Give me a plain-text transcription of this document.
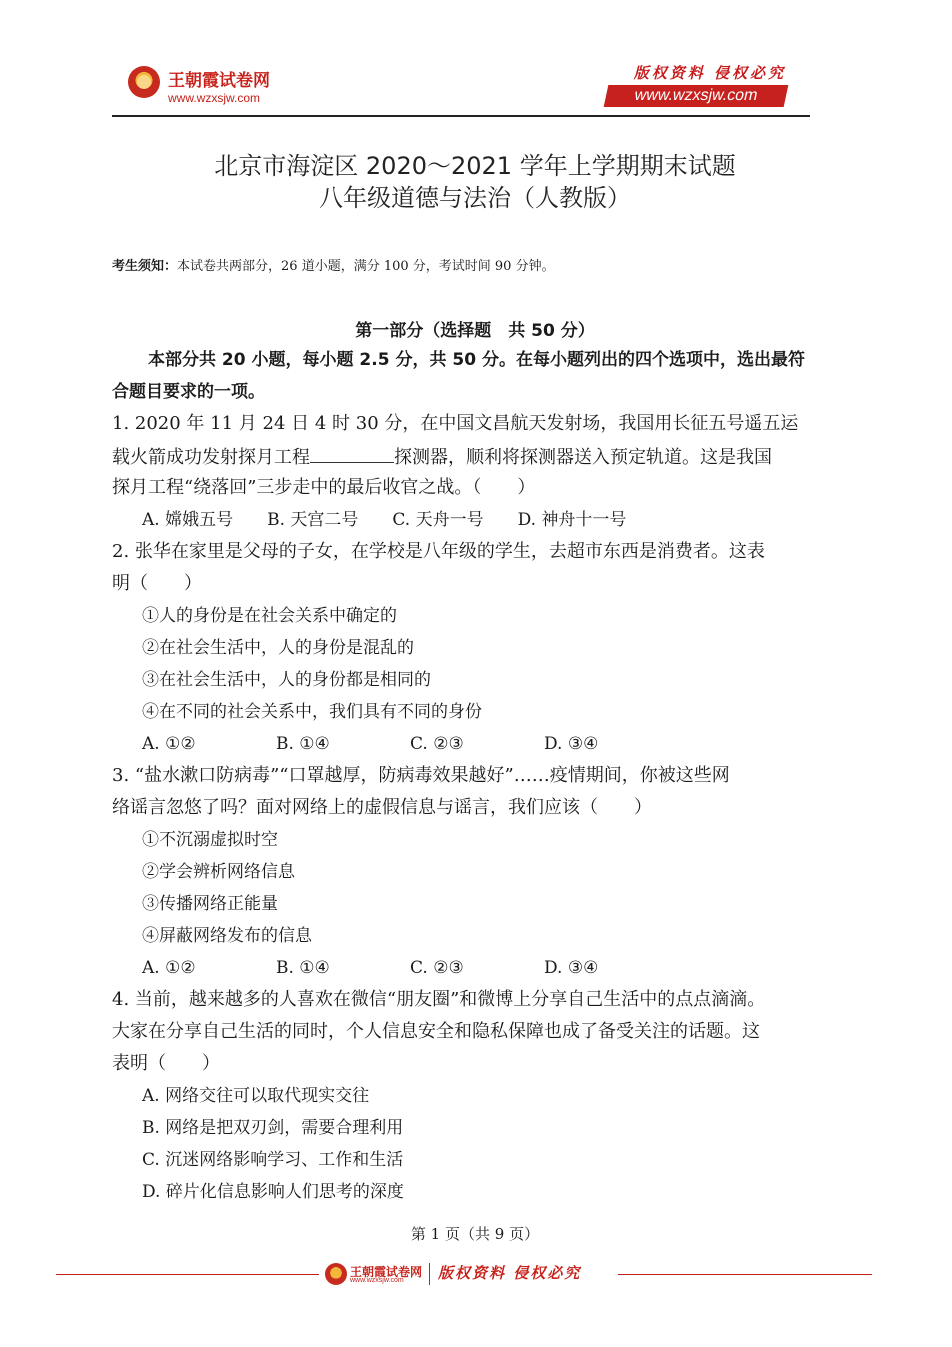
王朝霞试卷网
www.wzxsjw.com
版权资料 侵权必究
www.wzxsjw.com
北京市海淀区 2020～2021 学年上学期期末试题
八年级道德与法治（人教版）
考生须知：本试卷共两部分，26 道小题，满分 100 分，考试时间 90 分钟。
第一部分（选择题　共 50 分）
本部分共 20 小题，每小题 2.5 分，共 50 分。在每小题列出的四个选项中，选出最符合题目要求的一项。
1. 2020 年 11 月 24 日 4 时 30 分，在中国文昌航天发射场，我国用长征五号遥五运
载火箭成功发射探月工程	探测器，顺利将探测器送入预定轨道。这是我国
探月工程“绕落回”三步走中的最后收官之战。（　　）
A. 嫦娥五号　　B. 天宫二号　　C. 天舟一号　　D. 神舟十一号
2. 张华在家里是父母的子女，在学校是八年级的学生，去超市东西是消费者。这表
明（　　）
①人的身份是在社会关系中确定的
②在社会生活中，人的身份是混乱的
③在社会生活中，人的身份都是相同的
④在不同的社会关系中，我们具有不同的身份
A. ①②	B. ①④	C. ②③	D. ③④
3. “盐水漱口防病毒”“口罩越厚，防病毒效果越好”……疫情期间，你被这些网
络谣言忽悠了吗？面对网络上的虚假信息与谣言，我们应该（　　）
①不沉溺虚拟时空
②学会辨析网络信息
③传播网络正能量
④屏蔽网络发布的信息
A. ①②	B. ①④	C. ②③	D. ③④
4. 当前，越来越多的人喜欢在微信“朋友圈”和微博上分享自己生活中的点点滴滴。
大家在分享自己生活的同时，个人信息安全和隐私保障也成了备受关注的话题。这
表明（　　）
A. 网络交往可以取代现实交往
B. 网络是把双刃剑，需要合理利用
C. 沉迷网络影响学习、工作和生活
D. 碎片化信息影响人们思考的深度
第 1 页（共 9 页）
王朝霞试卷网
www.wzxsjw.com 版权资料 侵权必究
